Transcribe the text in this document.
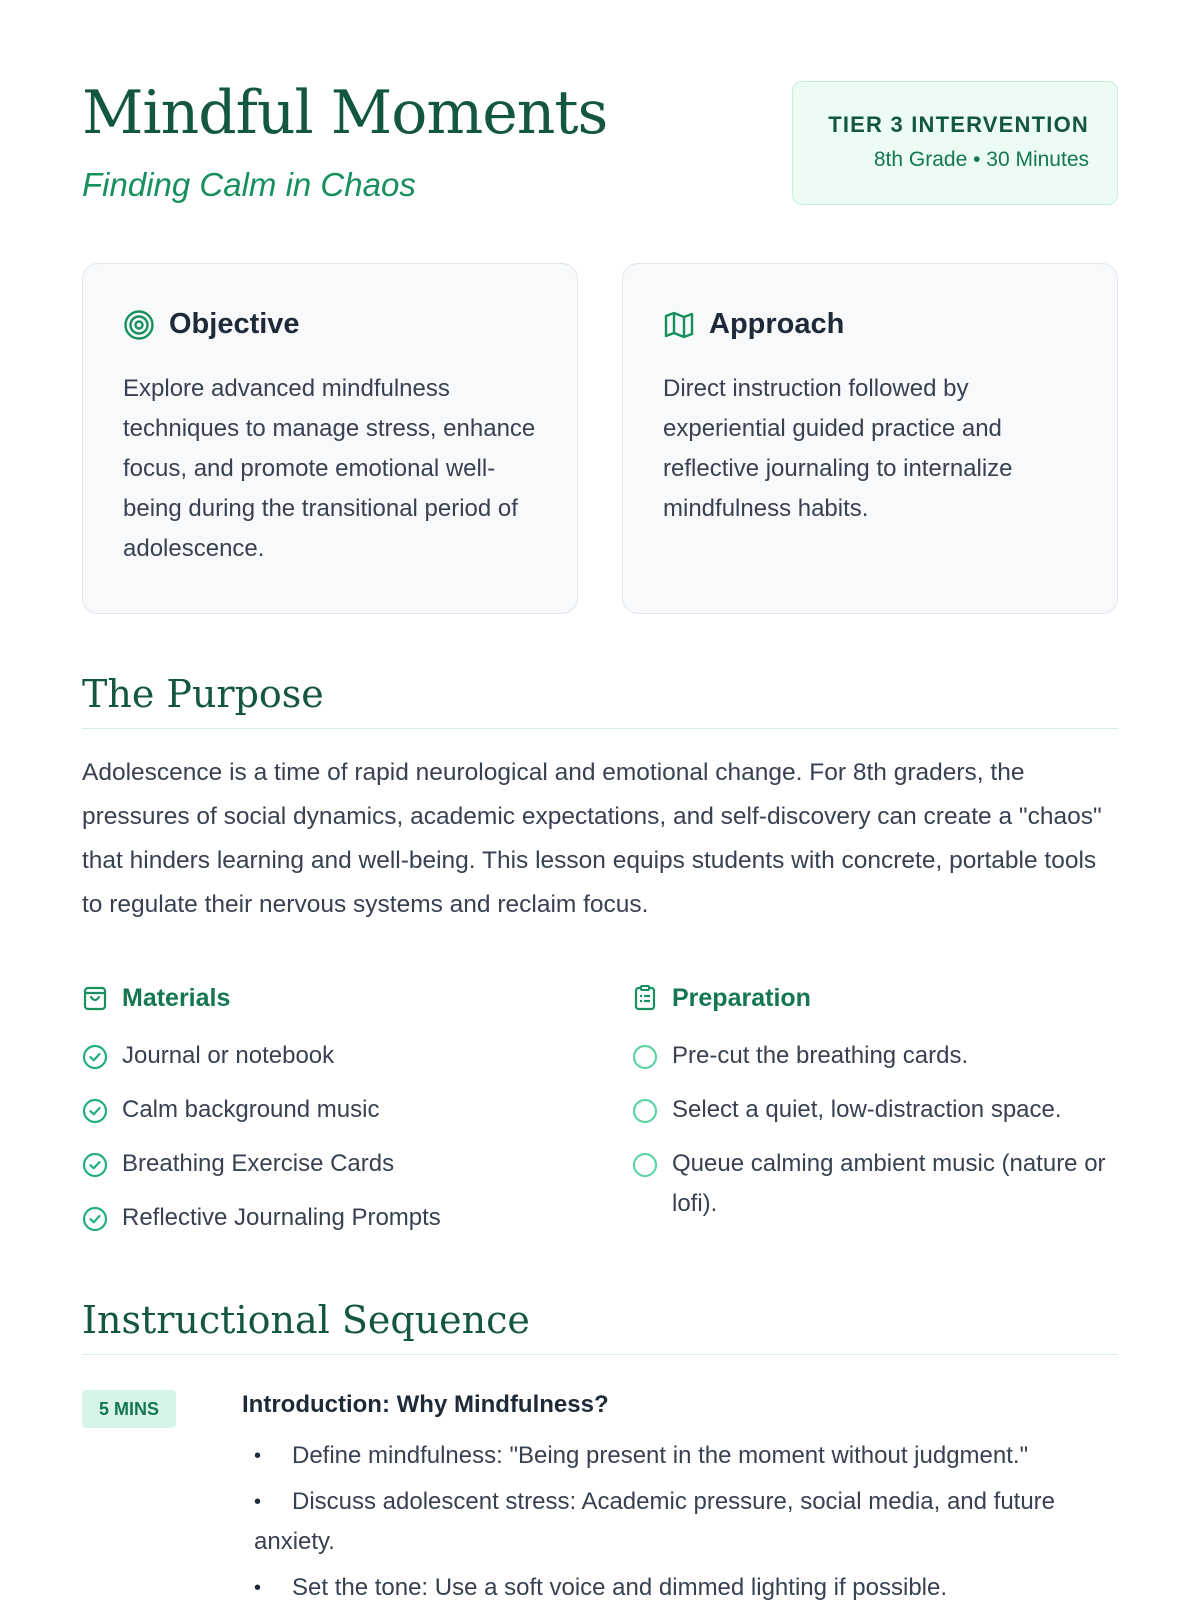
Mindful Moments

Finding Calm in Chaos

TIER 3 INTERVENTION
8th Grade • 30 Minutes
Objective
Explore advanced mindfulness techniques to manage stress, enhance focus, and promote emotional well-being during the transitional period of adolescence.
Approach
Direct instruction followed by experiential guided practice and reflective journaling to internalize mindfulness habits.
The Purpose

Adolescence is a time of rapid neurological and emotional change. For 8th graders, the pressures of social dynamics, academic expectations, and self-discovery can create a "chaos" that hinders learning and well-being. This lesson equips students with concrete, portable tools to regulate their nervous systems and reclaim focus.

Materials
Journal or notebook
Calm background music
Breathing Exercise Cards
Reflective Journaling Prompts
Preparation
Pre-cut the breathing cards.
Select a quiet, low-distraction space.
Queue calming ambient music (nature or lofi).
Instructional Sequence
5 MINS	Introduction: Why Mindfulness?
• Define mindfulness: "Being present in the moment without judgment."
• Discuss adolescent stress: Academic pressure, social media, and future anxiety.
• Set the tone: Use a soft voice and dimmed lighting if possible.
